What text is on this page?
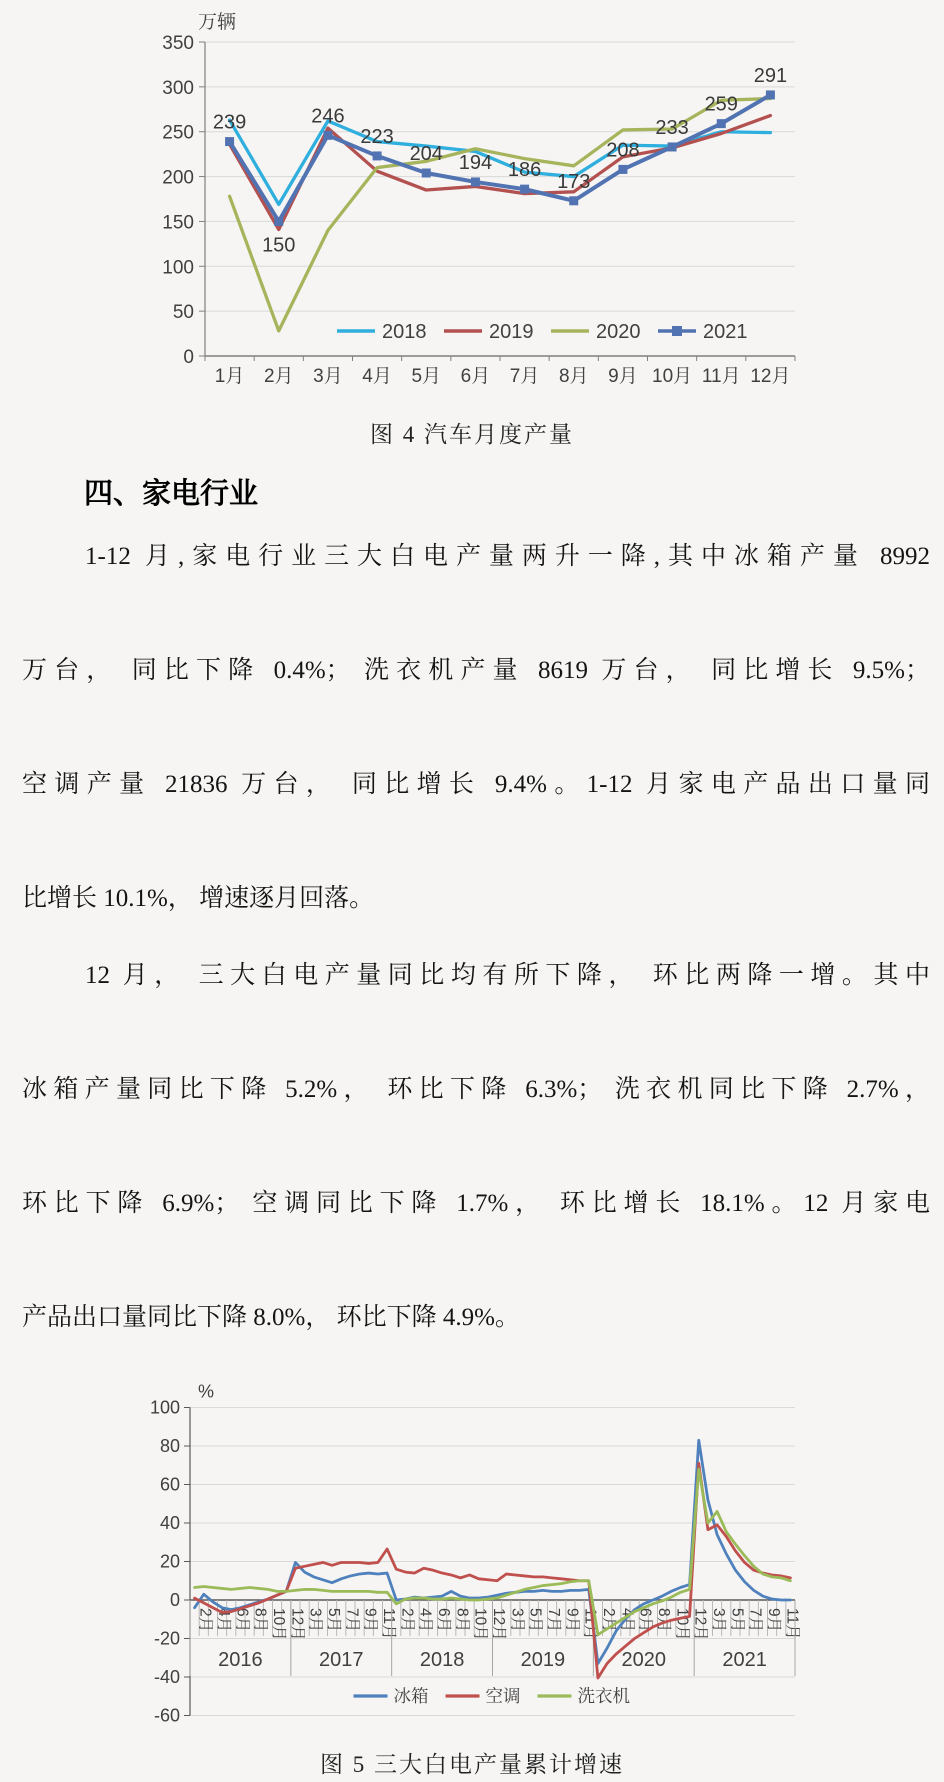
0
50
100
150
200
250
300
350
1月 2月 3月 4月 5月 6月 7月 8月 9月 10月 11月 12月
万辆
239
150
246
223
204 194 186
173
208
233
259
291
2018	2019	2020	2021
图 4 汽车月度产量
四、家电行业
1-12 月,家电行业三大白电产量两升一降,其中冰箱产量 8992
万台， 同比下降 0.4%； 洗衣机产量 8619 万台， 同比增长 9.5%；
空调产量 21836 万台， 同比增长 9.4%。1-12 月家电产品出口量同
比增长 10.1%， 增速逐月回落。
12 月， 三大白电产量同比均有所下降， 环比两降一增。其中
冰箱产量同比下降 5.2%， 环比下降 6.3%； 洗衣机同比下降 2.7%，
环比下降 6.9%； 空调同比下降 1.7%， 环比增长 18.1%。12 月家电
产品出口量同比下降 8.0%， 环比下降 4.9%。
-60
-40
-20
0
20
40
60
80
100
%
2月 4月 6月 8月 10月 12月 3月 5月 7月 9月 11月 2月 4月 6月 8月 10月 12月 3月 5月 7月 9月 11月 2月 4月 6月 8月 10月 12月 3月 5月 7月 9月 11月
2016	2017	2018	2019	2020	2021
冰箱	空调	洗衣机
图 5 三大白电产量累计增速
